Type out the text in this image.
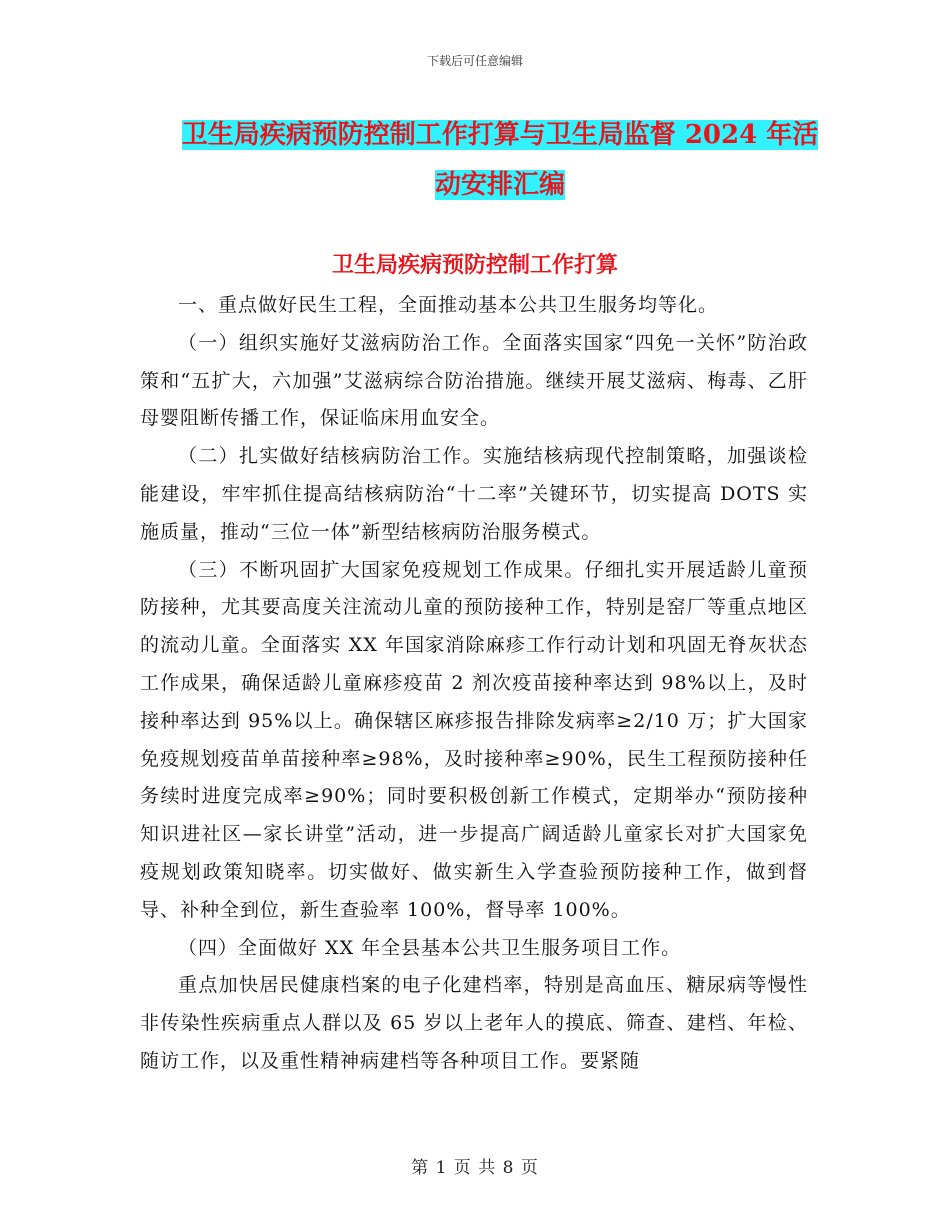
下载后可任意编辑
卫生局疾病预防控制工作打算与卫生局监督 2024 年活
动安排汇编
卫生局疾病预防控制工作打算

一、重点做好民生工程，全面推动基本公共卫生服务均等化。

（一）组织实施好艾滋病防治工作。全面落实国家“四免一关怀”防治政策和“五扩大，六加强”艾滋病综合防治措施。继续开展艾滋病、梅毒、乙肝母婴阻断传播工作，保证临床用血安全。

（二）扎实做好结核病防治工作。实施结核病现代控制策略，加强谈检能建设，牢牢抓住提高结核病防治“十二率”关键环节，切实提高 DOTS 实施质量，推动“三位一体”新型结核病防治服务模式。

（三）不断巩固扩大国家免疫规划工作成果。仔细扎实开展适龄儿童预防接种，尤其要高度关注流动儿童的预防接种工作，特别是窑厂等重点地区的流动儿童。全面落实 XX 年国家消除麻疹工作行动计划和巩固无脊灰状态工作成果，确保适龄儿童麻疹疫苗 2 剂次疫苗接种率达到 98%以上，及时接种率达到 95%以上。确保辖区麻疹报告排除发病率≥2/10 万；扩大国家免疫规划疫苗单苗接种率≥98%，及时接种率≥90%，民生工程预防接种任务续时进度完成率≥90%；同时要积极创新工作模式，定期举办“预防接种知识进社区—家长讲堂”活动，进一步提高广阔适龄儿童家长对扩大国家免疫规划政策知晓率。切实做好、做实新生入学查验预防接种工作，做到督导、补种全到位，新生查验率 100%，督导率 100%。

（四）全面做好 XX 年全县基本公共卫生服务项目工作。

重点加快居民健康档案的电子化建档率，特别是高血压、糖尿病等慢性非传染性疾病重点人群以及 65 岁以上老年人的摸底、筛查、建档、年检、随访工作，以及重性精神病建档等各种项目工作。要紧随

第 1 页 共 8 页
